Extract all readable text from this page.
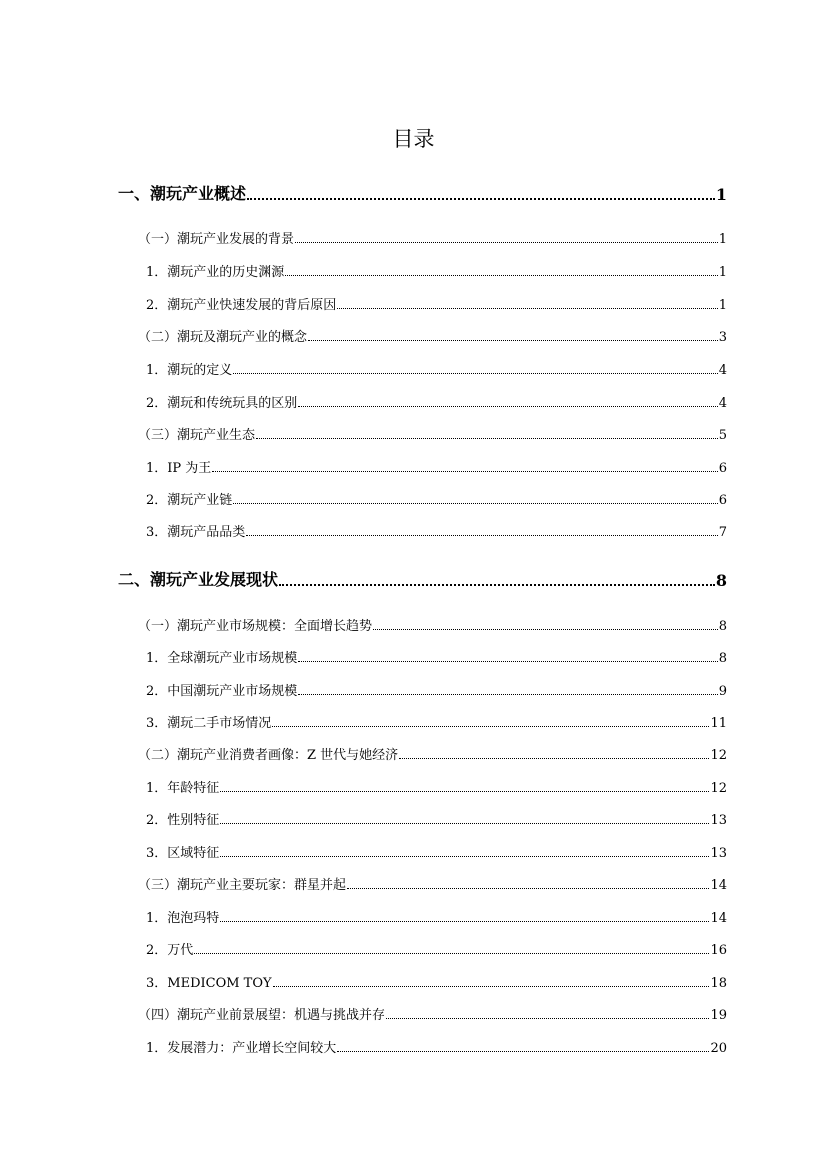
目录
一、潮玩产业概述	1
（一）潮玩产业发展的背景	1
1．潮玩产业的历史渊源	1
2．潮玩产业快速发展的背后原因	1
（二）潮玩及潮玩产业的概念	3
1．潮玩的定义	4
2．潮玩和传统玩具的区别	4
（三）潮玩产业生态	5
1．IP 为王	6
2．潮玩产业链	6
3．潮玩产品品类	7
二、潮玩产业发展现状	8
（一）潮玩产业市场规模：全面增长趋势	8
1．全球潮玩产业市场规模	8
2．中国潮玩产业市场规模	9
3．潮玩二手市场情况	11
（二）潮玩产业消费者画像：Z 世代与她经济	12
1．年龄特征	12
2．性别特征	13
3．区域特征	13
（三）潮玩产业主要玩家：群星并起	14
1．泡泡玛特	14
2．万代	16
3．MEDICOM TOY	18
（四）潮玩产业前景展望：机遇与挑战并存	19
1．发展潜力：产业增长空间较大	20
